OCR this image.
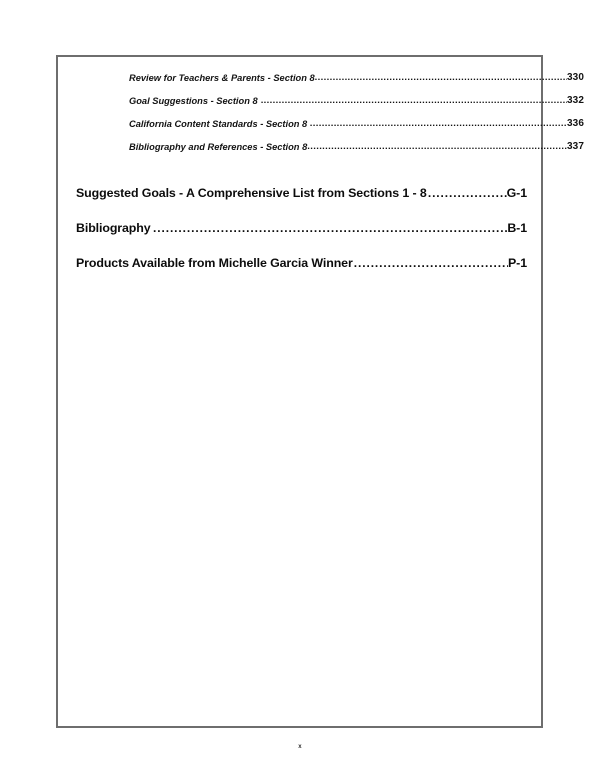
Review for Teachers & Parents - Section 8 .....	330
Goal Suggestions - Section 8 .....	332
California Content Standards - Section 8 .....	336
Bibliography and References - Section 8 .....	337
Suggested Goals - A Comprehensive List from Sections 1 - 8 .....	G-1
Bibliography .....	B-1
Products Available from Michelle Garcia Winner .....	P-1
x
